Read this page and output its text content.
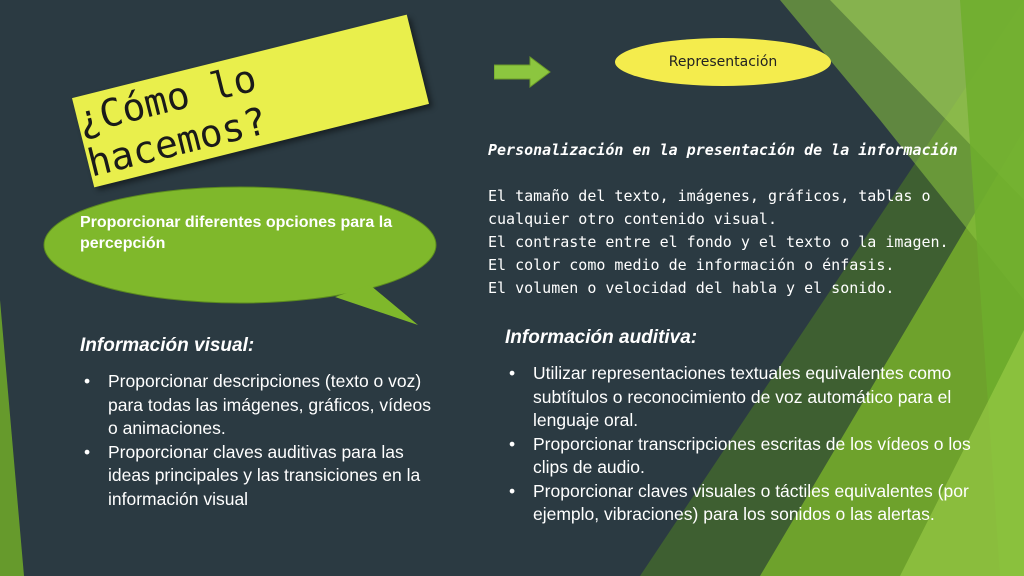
¿Cómo lo hacemos?
Representación
Proporcionar diferentes opciones para la percepción
Personalización en la presentación de la información
El tamaño del texto, imágenes, gráficos, tablas o
cualquier otro contenido visual.
El contraste entre el fondo y el texto o la imagen.
El color como medio de información o énfasis.
El volumen o velocidad del habla y el sonido.
Información visual:
• Proporcionar descripciones (texto o voz) para todas las imágenes, gráficos, vídeos o animaciones.
• Proporcionar claves auditivas para las ideas principales y las transiciones en la información visual
Información auditiva:
• Utilizar representaciones textuales equivalentes como subtítulos o reconocimiento de voz automático para el lenguaje oral.
• Proporcionar transcripciones escritas de los vídeos o los clips de audio.
• Proporcionar claves visuales o táctiles equivalentes (por ejemplo, vibraciones) para los sonidos o las alertas.
